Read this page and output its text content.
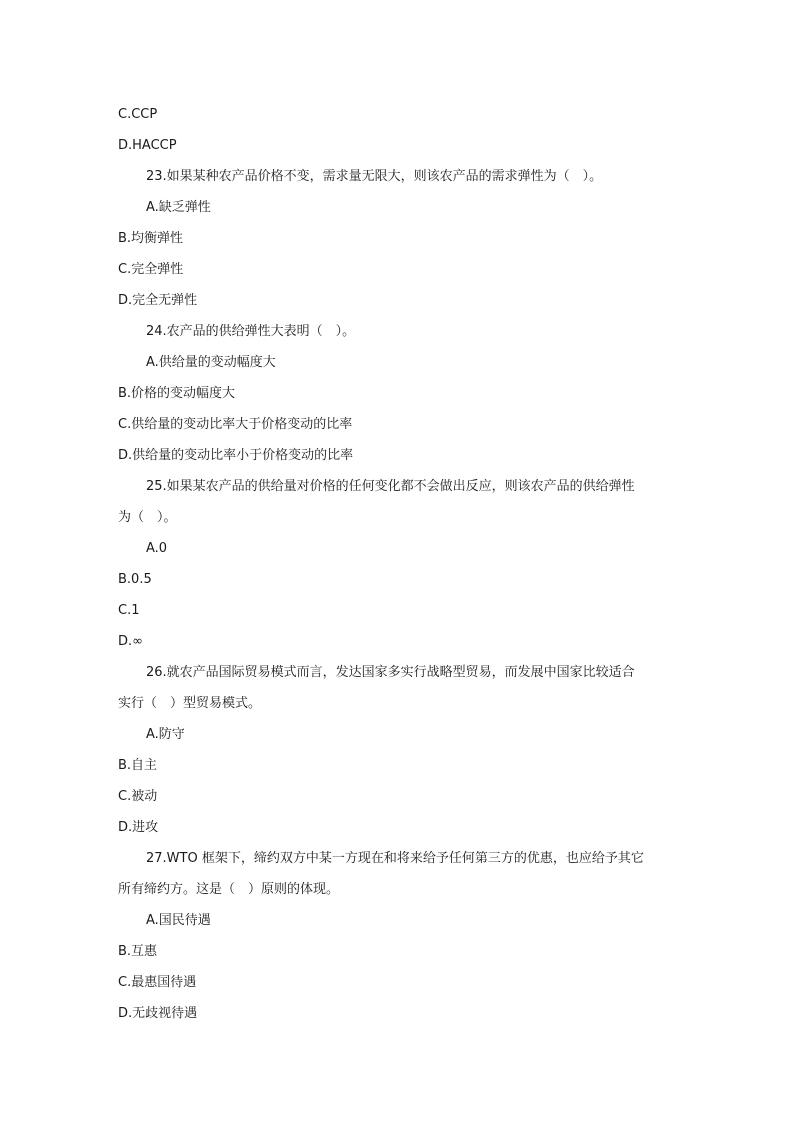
C.CCP
D.HACCP
23.如果某种农产品价格不变，需求量无限大，则该农产品的需求弹性为（　）。
A.缺乏弹性
B.均衡弹性
C.完全弹性
D.完全无弹性
24.农产品的供给弹性大表明（　）。
A.供给量的变动幅度大
B.价格的变动幅度大
C.供给量的变动比率大于价格变动的比率
D.供给量的变动比率小于价格变动的比率
25.如果某农产品的供给量对价格的任何变化都不会做出反应，则该农产品的供给弹性
为（　）。
A.0
B.0.5
C.1
D.∞
26.就农产品国际贸易模式而言，发达国家多实行战略型贸易，而发展中国家比较适合
实行（　）型贸易模式。
A.防守
B.自主
C.被动
D.进攻
27.WTO 框架下，缔约双方中某一方现在和将来给予任何第三方的优惠，也应给予其它
所有缔约方。这是（　）原则的体现。
A.国民待遇
B.互惠
C.最惠国待遇
D.无歧视待遇
